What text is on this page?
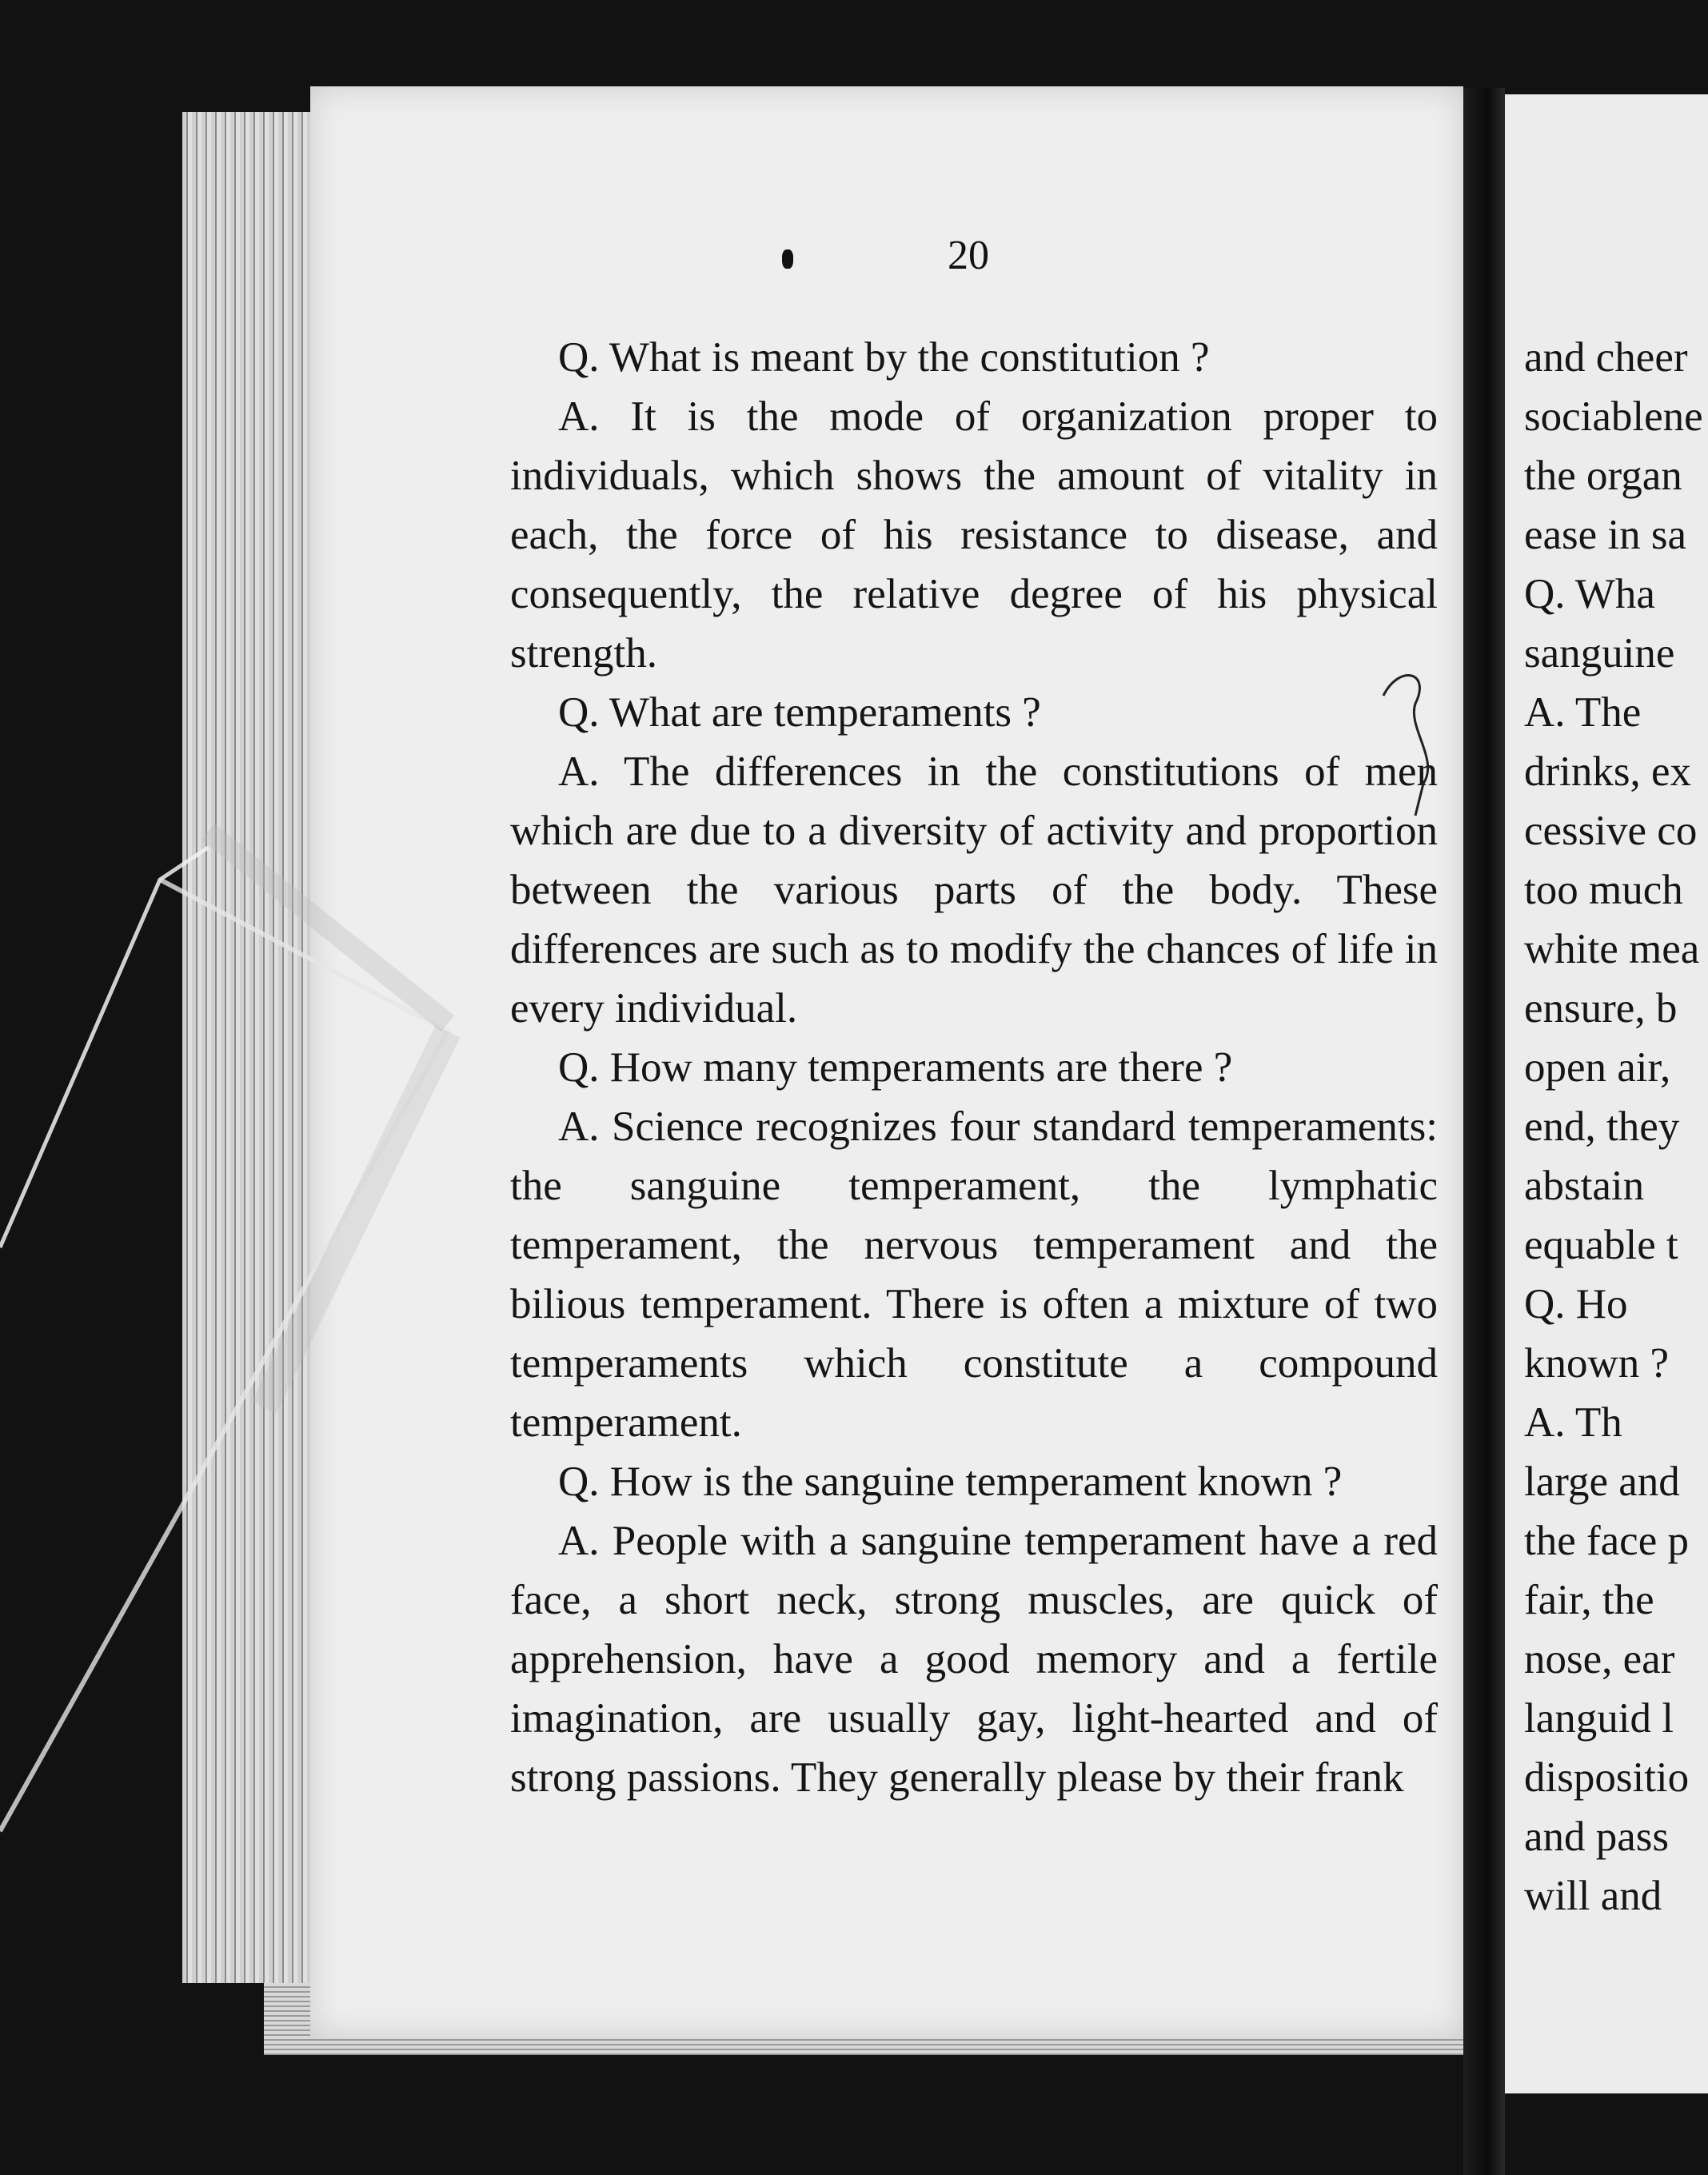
20

Q. What is meant by the constitution ?

A. It is the mode of organization proper to individuals, which shows the amount of vitality in each, the force of his resistance to disease, and consequently, the relative degree of his physical strength.

Q. What are temperaments ?

A. The differences in the constitutions of men which are due to a diversity of activity and proportion between the various parts of the body. These differences are such as to modify the chances of life in every individual.

Q. How many temperaments are there ?

A. Science recognizes four standard temperaments: the sanguine temperament, the lymphatic temperament, the nervous temperament and the bilious temperament. There is often a mixture of two temperaments which constitute a compound temperament.

Q. How is the sanguine temperament known ?

A. People with a sanguine temperament have a red face, a short neck, strong muscles, are quick of apprehension, have a good memory and a fertile imagination, are usually gay, light-hearted and of strong passions. They generally please by their frank

and cheer
sociablene
the organ
ease in sa
Q. Wha
sanguine
A. The
drinks, ex
cessive co
too much
white mea
ensure, b
open air,
end, they
abstain
equable t
Q. Ho
known ?
A. Th
large and
the face p
fair, the
nose, ear
languid l
dispositio
and pass
will and
